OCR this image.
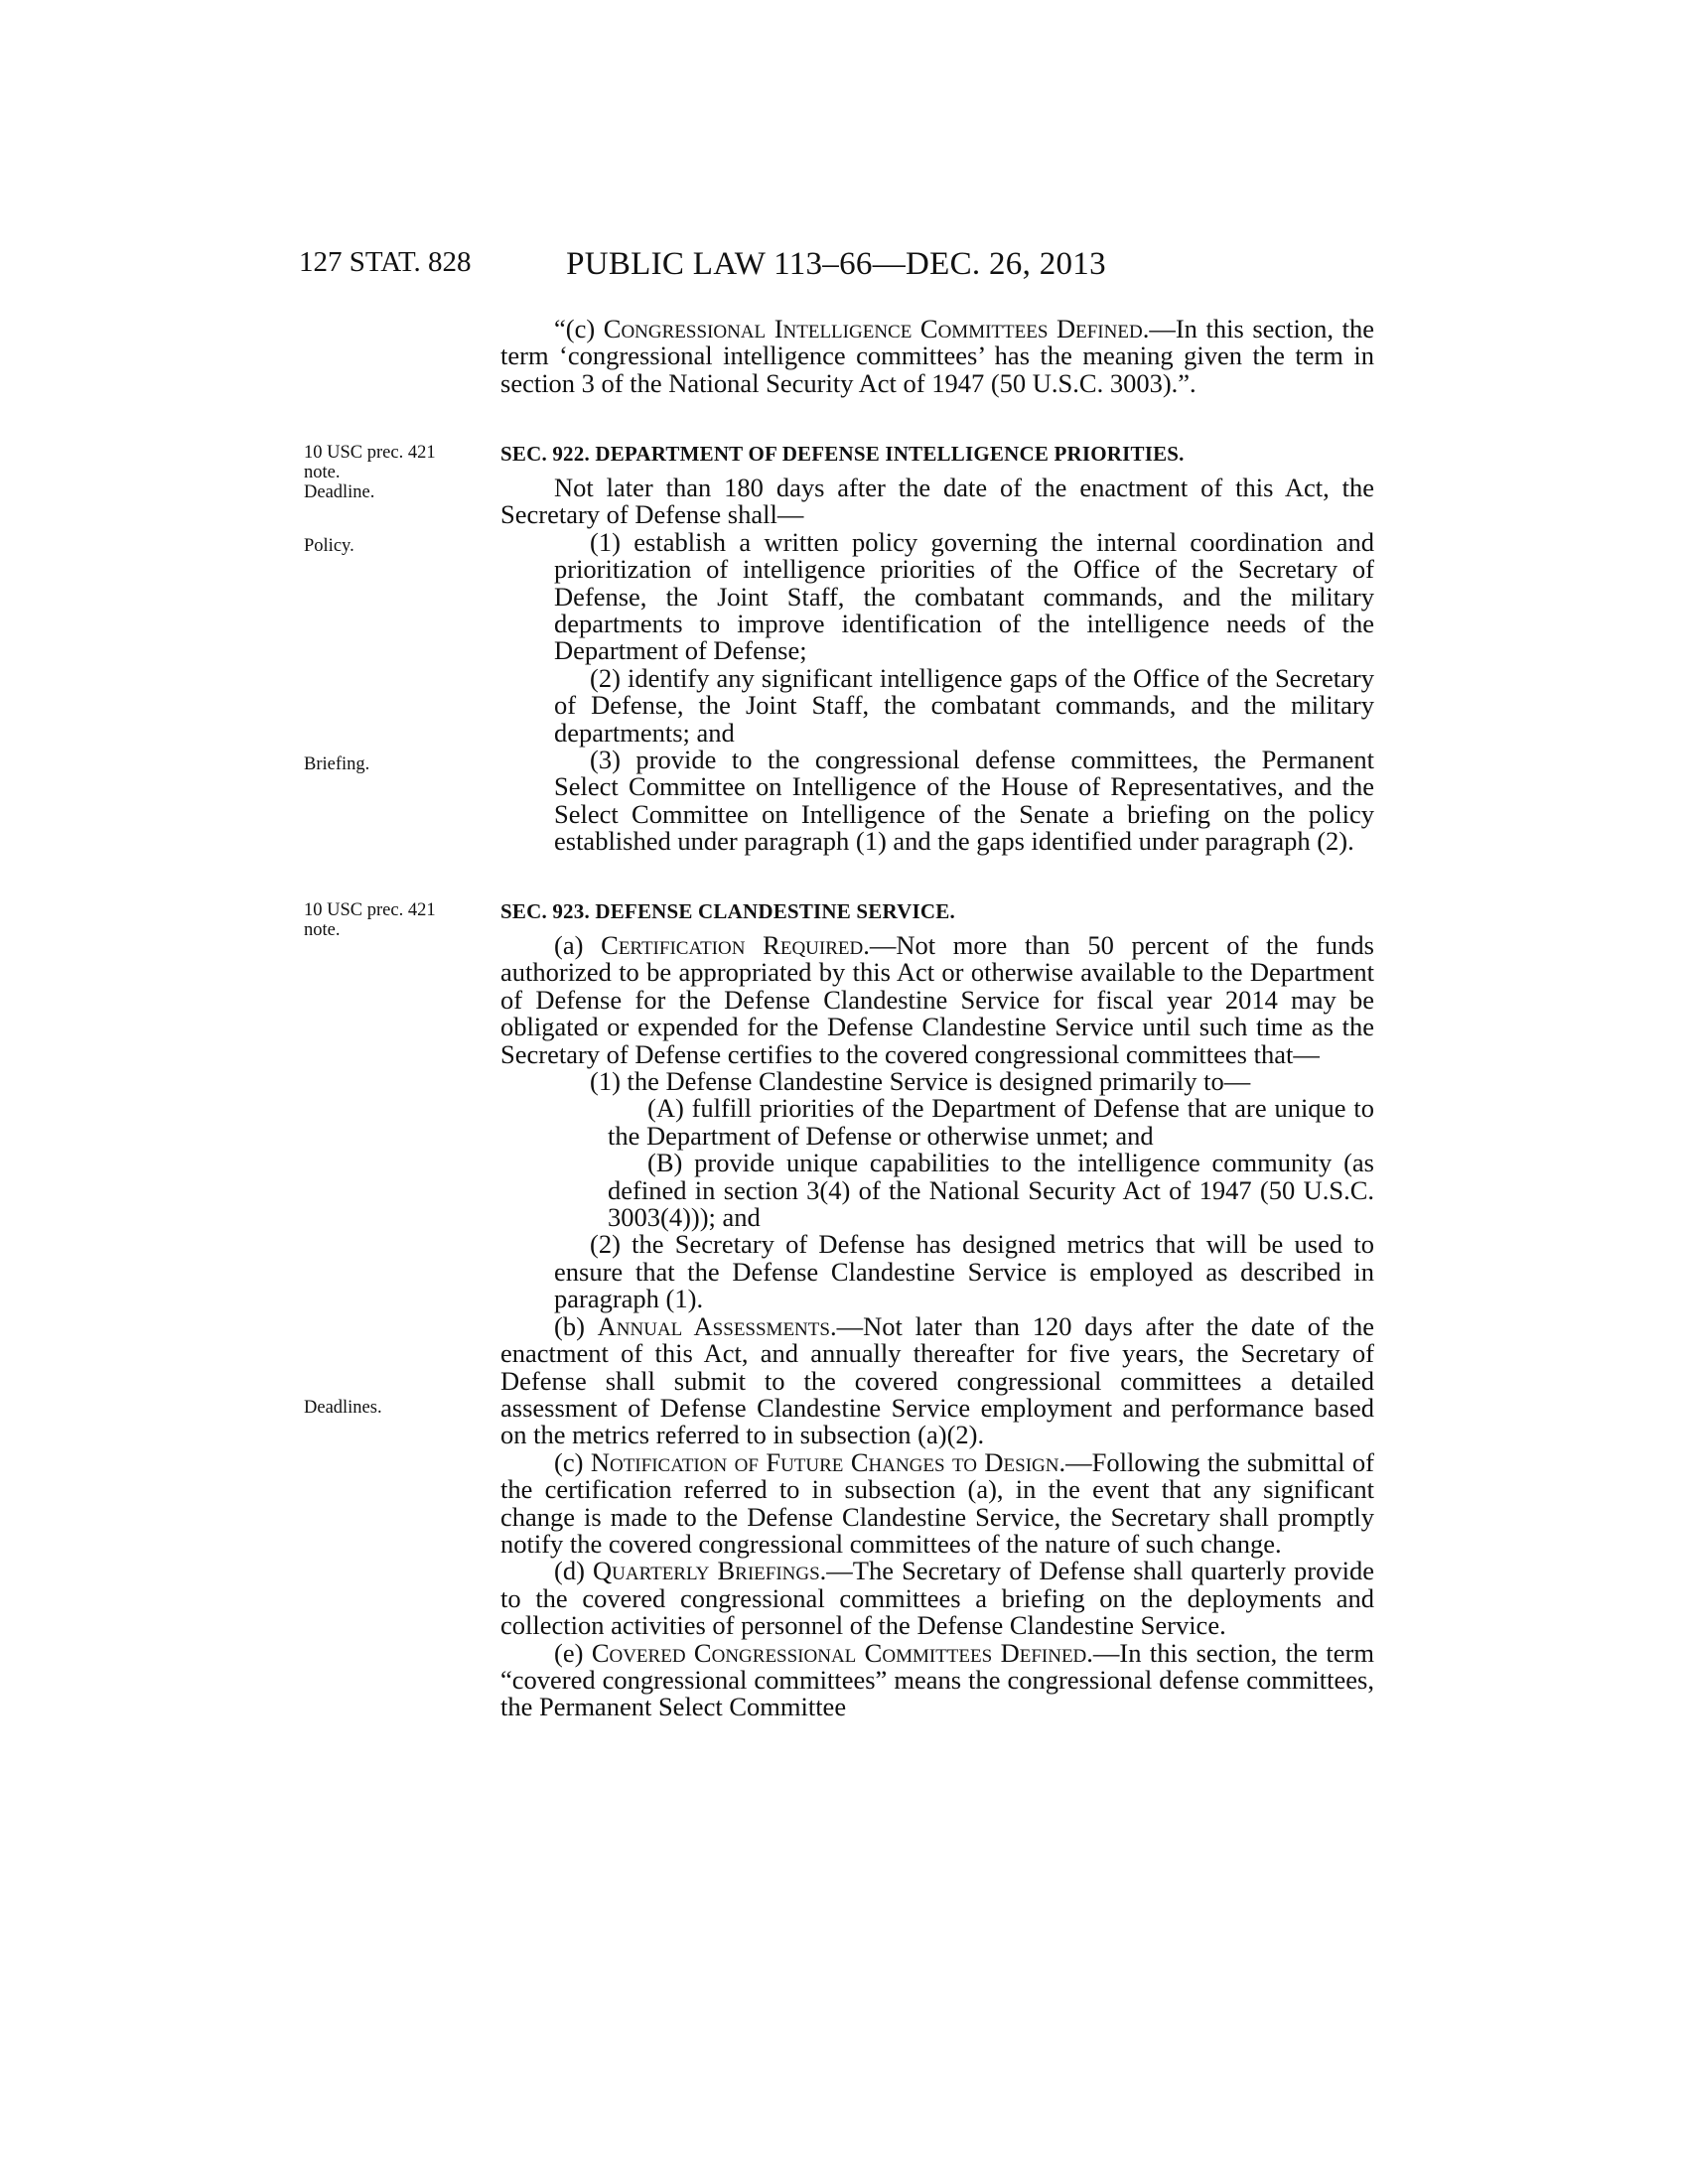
127 STAT. 828	PUBLIC LAW 113–66—DEC. 26, 2013

“(c) Congressional Intelligence Committees Defined.—In this section, the term ‘congressional intelligence committees’ has the meaning given the term in section 3 of the National Security Act of 1947 (50 U.S.C. 3003).”.

10 USC prec. 421
note.
Deadline.
SEC. 922. DEPARTMENT OF DEFENSE INTELLIGENCE PRIORITIES.

Not later than 180 days after the date of the enactment of this Act, the Secretary of Defense shall—

(1) establish a written policy governing the internal coordination and prioritization of intelligence priorities of the Office of the Secretary of Defense, the Joint Staff, the combatant commands, and the military departments to improve identification of the intelligence needs of the Department of Defense;

(2) identify any significant intelligence gaps of the Office of the Secretary of Defense, the Joint Staff, the combatant commands, and the military departments; and

(3) provide to the congressional defense committees, the Permanent Select Committee on Intelligence of the House of Representatives, and the Select Committee on Intelligence of the Senate a briefing on the policy established under paragraph (1) and the gaps identified under paragraph (2).

Policy.
Briefing.
10 USC prec. 421
note.
SEC. 923. DEFENSE CLANDESTINE SERVICE.

(a) Certification Required.—Not more than 50 percent of the funds authorized to be appropriated by this Act or otherwise available to the Department of Defense for the Defense Clandestine Service for fiscal year 2014 may be obligated or expended for the Defense Clandestine Service until such time as the Secretary of Defense certifies to the covered congressional committees that—

(1) the Defense Clandestine Service is designed primarily to—

(A) fulfill priorities of the Department of Defense that are unique to the Department of Defense or otherwise unmet; and

(B) provide unique capabilities to the intelligence community (as defined in section 3(4) of the National Security Act of 1947 (50 U.S.C. 3003(4))); and

(2) the Secretary of Defense has designed metrics that will be used to ensure that the Defense Clandestine Service is employed as described in paragraph (1).

(b) Annual Assessments.—Not later than 120 days after the date of the enactment of this Act, and annually thereafter for five years, the Secretary of Defense shall submit to the covered congressional committees a detailed assessment of Defense Clandestine Service employment and performance based on the metrics referred to in subsection (a)(2).

(c) Notification of Future Changes to Design.—Following the submittal of the certification referred to in subsection (a), in the event that any significant change is made to the Defense Clandestine Service, the Secretary shall promptly notify the covered congressional committees of the nature of such change.

(d) Quarterly Briefings.—The Secretary of Defense shall quarterly provide to the covered congressional committees a briefing on the deployments and collection activities of personnel of the Defense Clandestine Service.

(e) Covered Congressional Committees Defined.—In this section, the term “covered congressional committees” means the congressional defense committees, the Permanent Select Committee

Deadlines.
